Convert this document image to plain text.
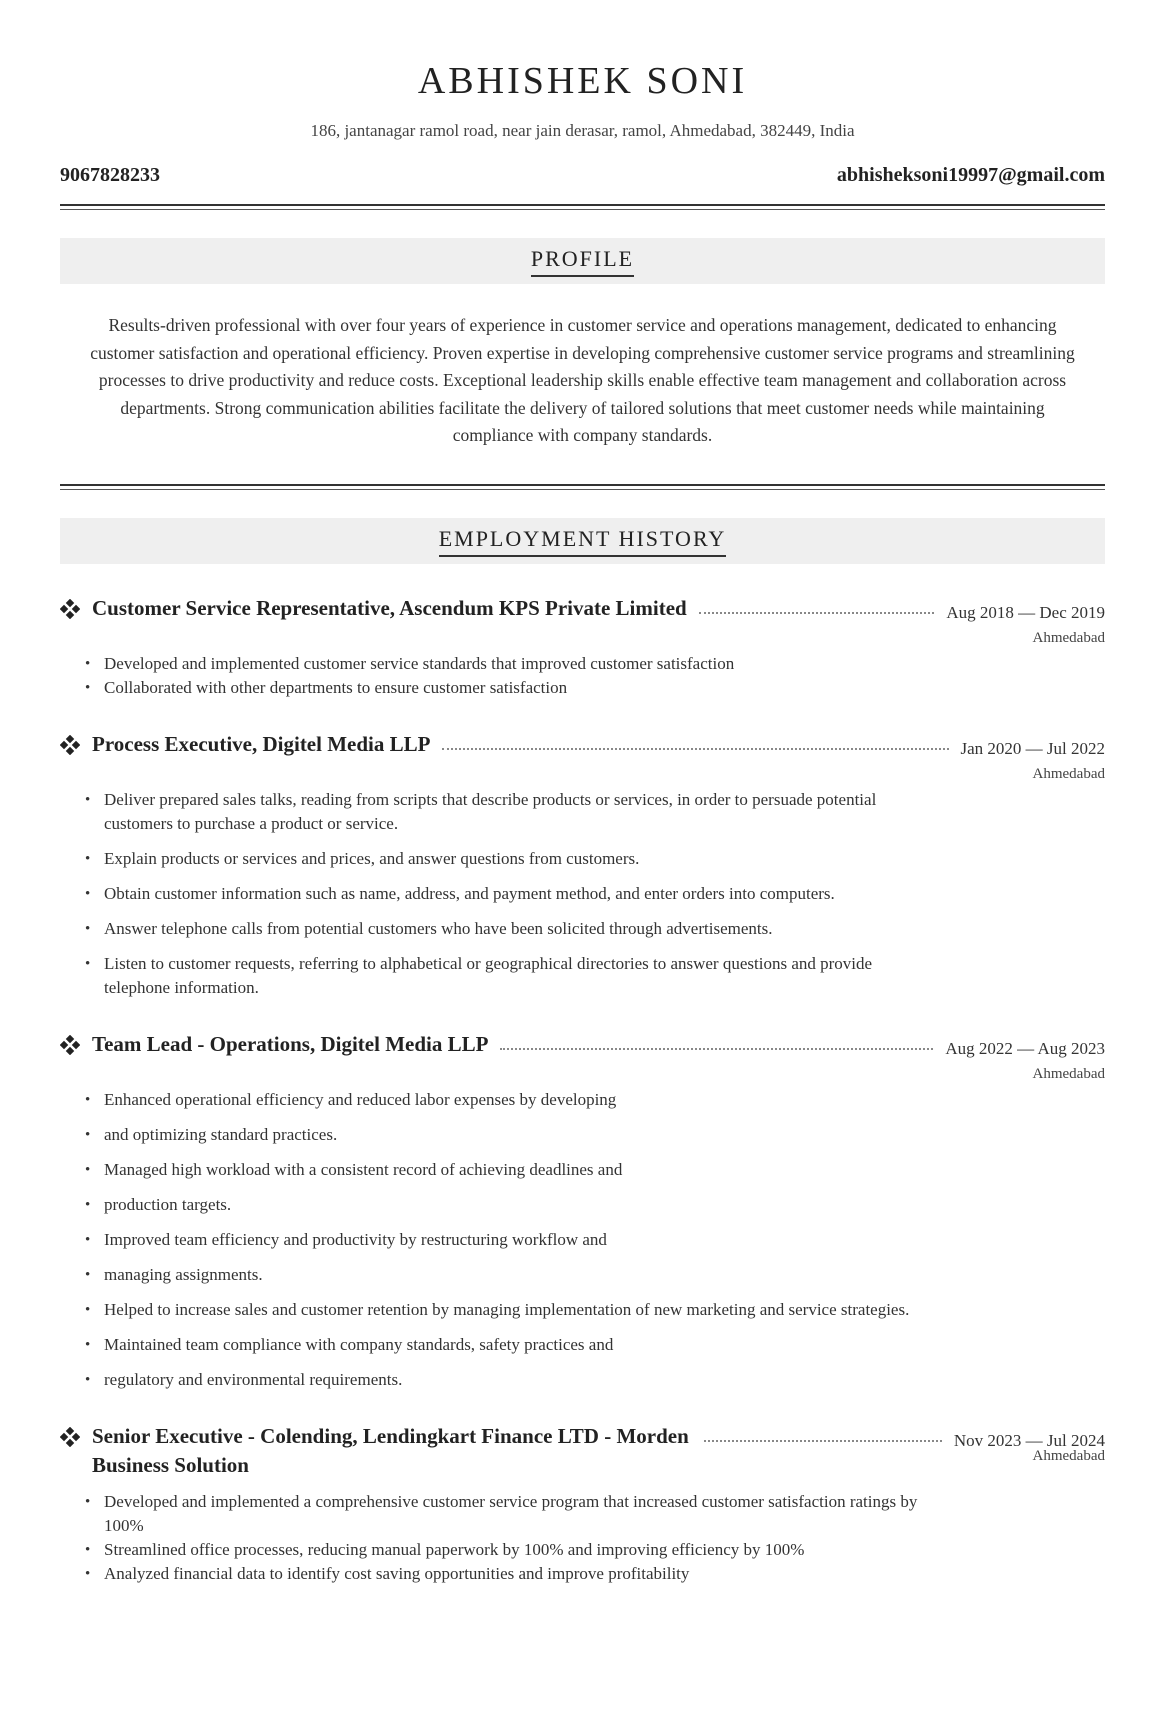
ABHISHEK SONI
186, jantanagar ramol road, near jain derasar, ramol, Ahmedabad, 382449, India
9067828233	abhisheksoni19997@gmail.com
PROFILE

Results-driven professional with over four years of experience in customer service and operations management, dedicated to enhancing customer satisfaction and operational efficiency. Proven expertise in developing comprehensive customer service programs and streamlining processes to drive productivity and reduce costs. Exceptional leadership skills enable effective team management and collaboration across departments. Strong communication abilities facilitate the delivery of tailored solutions that meet customer needs while maintaining compliance with company standards.

EMPLOYMENT HISTORY
Customer Service Representative, Ascendum KPS Private Limited	Aug 2018 — Dec 2019
Ahmedabad
• Developed and implemented customer service standards that improved customer satisfaction
• Collaborated with other departments to ensure customer satisfaction
Process Executive, Digitel Media LLP	Jan 2020 — Jul 2022
Ahmedabad
• Deliver prepared sales talks, reading from scripts that describe products or services, in order to persuade potential customers to purchase a product or service.
• Explain products or services and prices, and answer questions from customers.
• Obtain customer information such as name, address, and payment method, and enter orders into computers.
• Answer telephone calls from potential customers who have been solicited through advertisements.
• Listen to customer requests, referring to alphabetical or geographical directories to answer questions and provide telephone information.
Team Lead - Operations, Digitel Media LLP	Aug 2022 — Aug 2023
Ahmedabad
• Enhanced operational efficiency and reduced labor expenses by developing
• and optimizing standard practices.
• Managed high workload with a consistent record of achieving deadlines and
• production targets.
• Improved team efficiency and productivity by restructuring workflow and
• managing assignments.
• Helped to increase sales and customer retention by managing implementation of new marketing and service strategies.
• Maintained team compliance with company standards, safety practices and
• regulatory and environmental requirements.
Senior Executive - Colending, Lendingkart Finance LTD - Morden Business Solution
Nov 2023 — Jul 2024
Ahmedabad
• Developed and implemented a comprehensive customer service program that increased customer satisfaction ratings by 100%
• Streamlined office processes, reducing manual paperwork by 100% and improving efficiency by 100%
• Analyzed financial data to identify cost saving opportunities and improve profitability
